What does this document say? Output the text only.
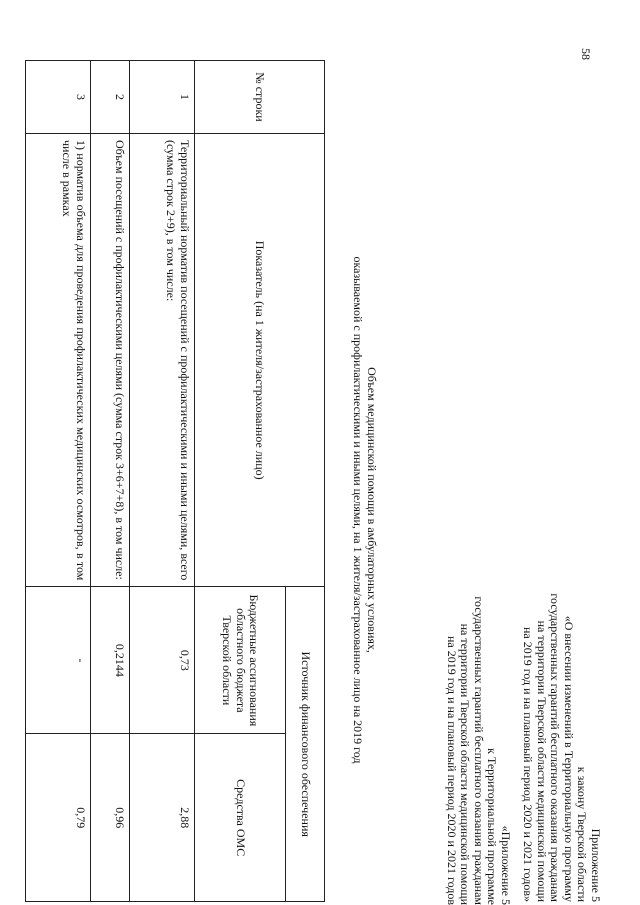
58
Приложение 5
к закону Тверской области
«О внесении изменений в Территориальную программу
государственных гарантий бесплатного оказания гражданам
на территории Тверской области медицинской помощи
на 2019 год и на плановый период 2020 и 2021 годов»
«Приложение 5
к Территориальной программе
государственных гарантий бесплатного оказания гражданам
на территории Тверской области медицинской помощи
на 2019 год и на плановый период 2020 и 2021 годов
Объем медицинской помощи в амбулаторных условиях,
оказываемой с профилактическими и иными целями, на 1 жителя/застрахованное лицо на 2019 год
№ строки	Показатель (на 1 жителя/застрахованное лицо)	Источник финансового обеспечения	
		Бюджетные ассигнования областного бюджета Тверской области	Средства ОМС
1	Территориальный норматив посещений с профилактическими и иными целями, всего (сумма строк 2+9), в том числе:	0,73	2,88
2	Объем посещений с профилактическими целями (сумма строк 3+6+7+8), в том числе:	0,2144	0,96
3	1) норматив объема для проведения профилактических медицинских осмотров, в том числе в рамках	-	0,79
